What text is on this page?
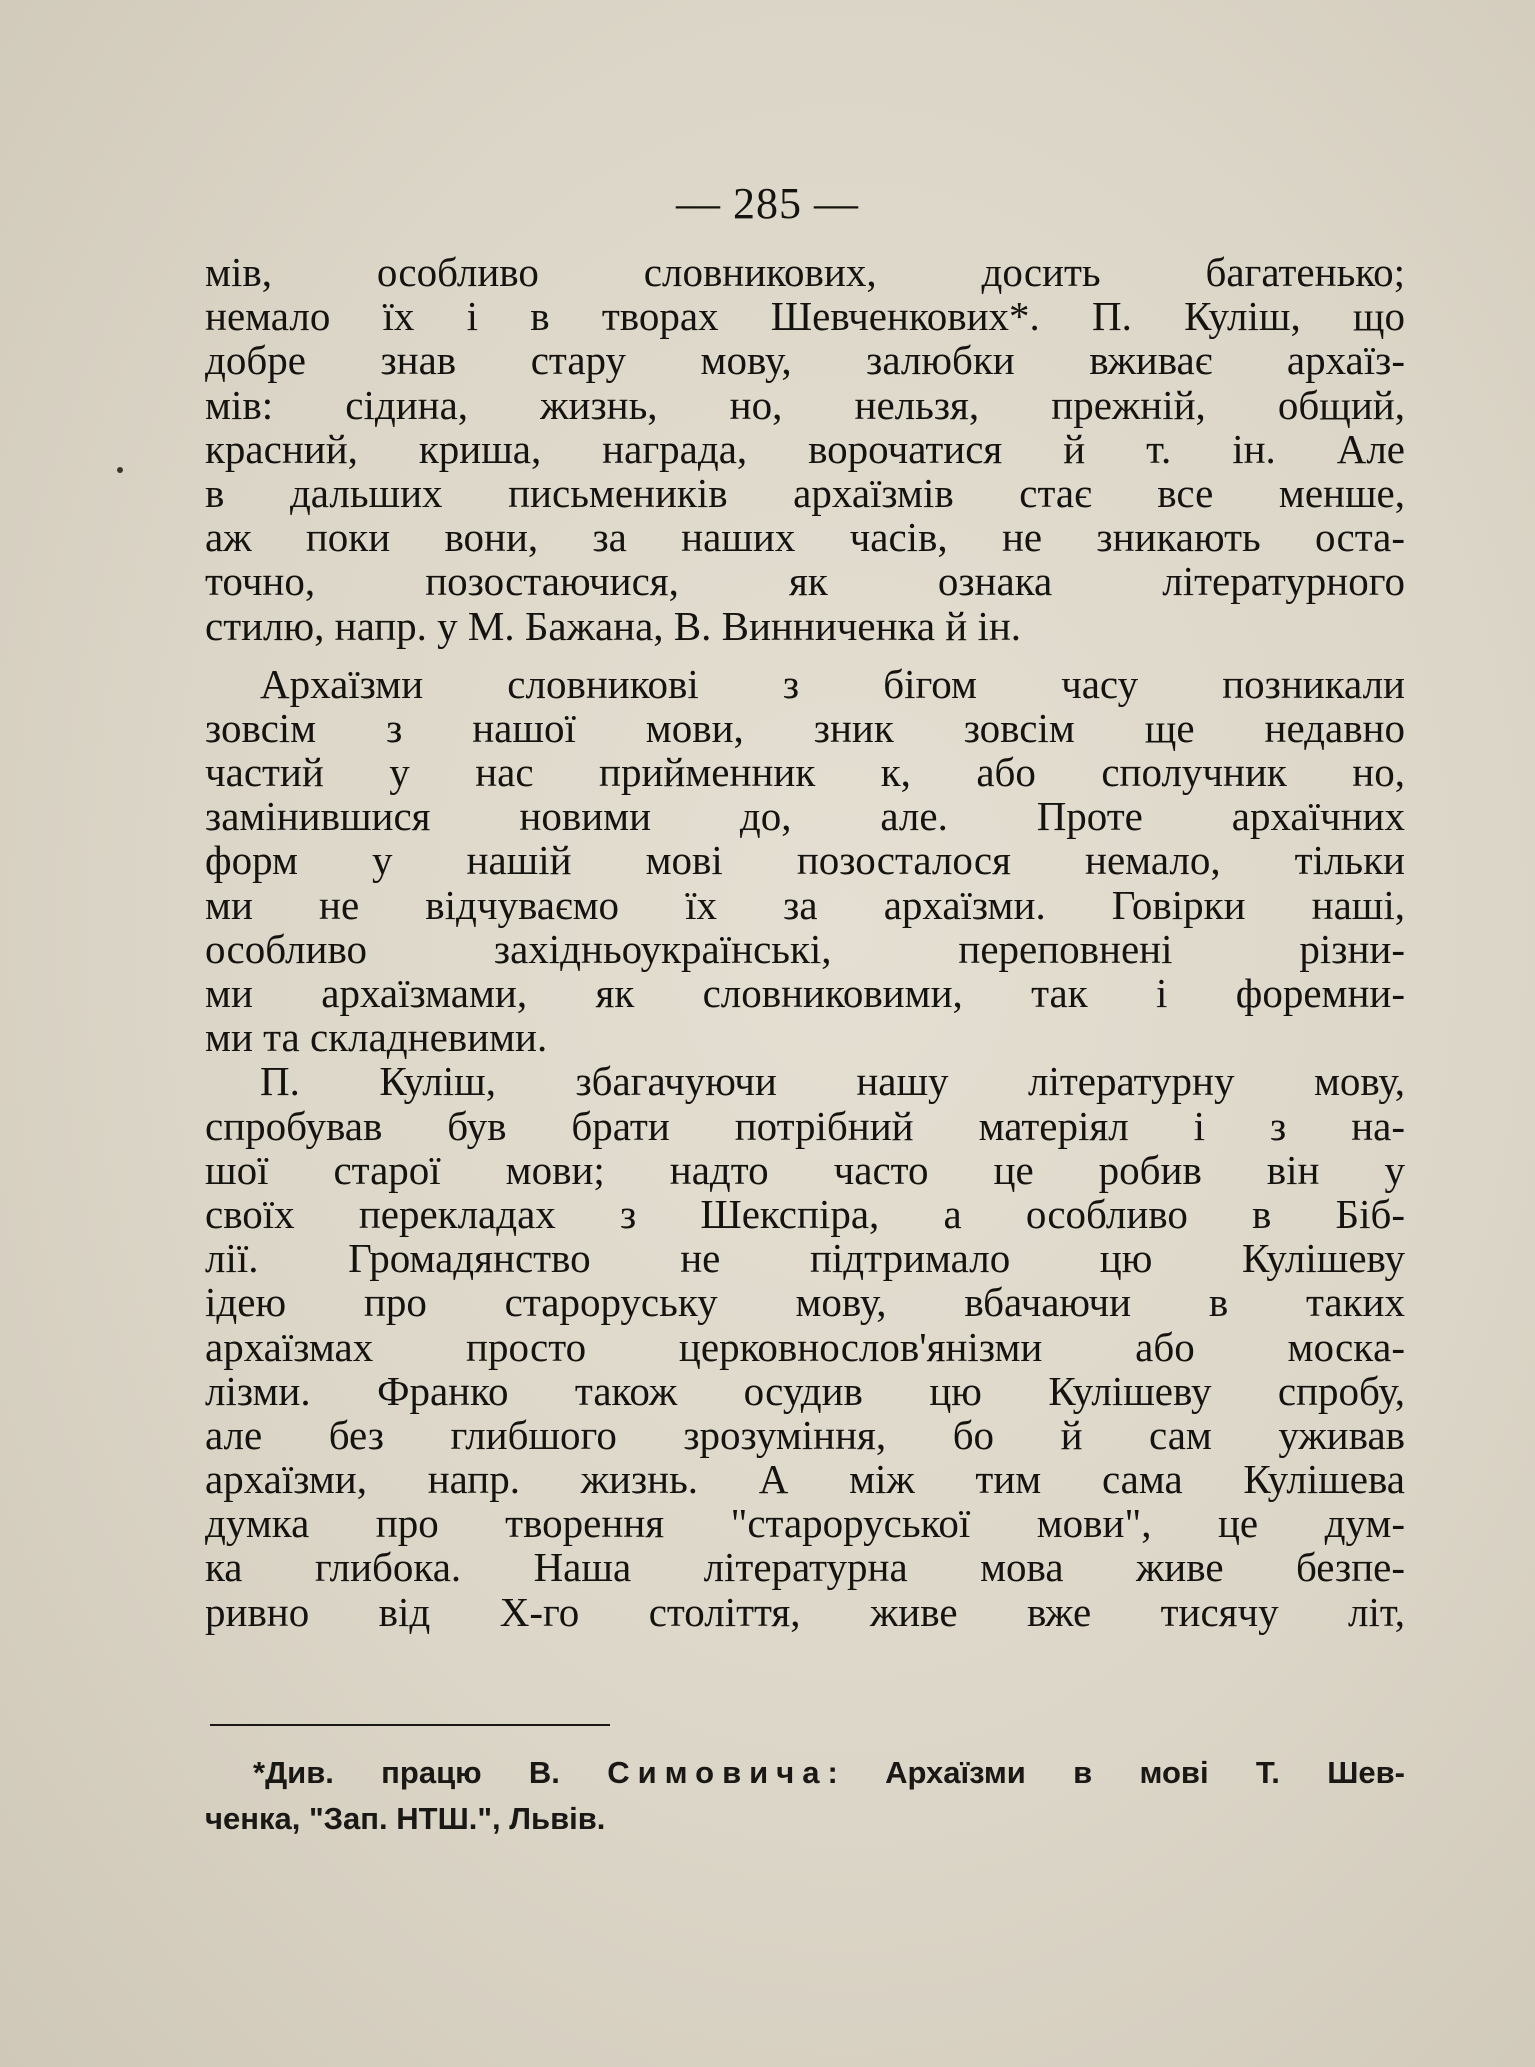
— 285 —
мів, особливо словникових, досить багатенько;
немало їх і в творах Шевченкових*. П. Куліш, що
добре знав стару мову, залюбки вживає архаїз-
мів: сідина, жизнь, но, нельзя, прежній, общий,
красний, криша, награда, ворочатися й т. ін. Але
в дальших письмеників архаїзмів стає все менше,
аж поки вони, за наших часів, не зникають оста-
точно, позостаючися, як ознака літературного
стилю, напр. у М. Бажана, В. Винниченка й ін.
Архаїзми словникові з бігом часу позникали
зовсім з нашої мови, зник зовсім ще недавно
частий у нас прийменник к, або сполучник но,
замінившися новими до, але. Проте архаїчних
форм у нашій мові позосталося немало, тільки
ми не відчуваємо їх за архаїзми. Говірки наші,
особливо західньоукраїнські, переповнені різни-
ми архаїзмами, як словниковими, так і форемни-
ми та складневими.
П. Куліш, збагачуючи нашу літературну мову,
спробував був брати потрібний матеріял і з на-
шої старої мови; надто часто це робив він у
своїх перекладах з Шекспіра, а особливо в Біб-
лії. Громадянство не підтримало цю Кулішеву
ідею про староруську мову, вбачаючи в таких
архаїзмах просто церковнослов'янізми або москa-
лізми. Франко також осудив цю Кулішеву спробу,
але без глибшого зрозуміння, бо й сам уживав
архаїзми, напр. жизнь. А між тим сама Кулішева
думка про творення "староруської мови", це дум-
ка глибока. Наша літературна мова живе безпе-
ривно від Х-го століття, живе вже тисячу літ,
*Див. працю В. Симовича: Архаїзми в мові Т. Шев-
ченка, "Зап. НТШ.", Львів.
